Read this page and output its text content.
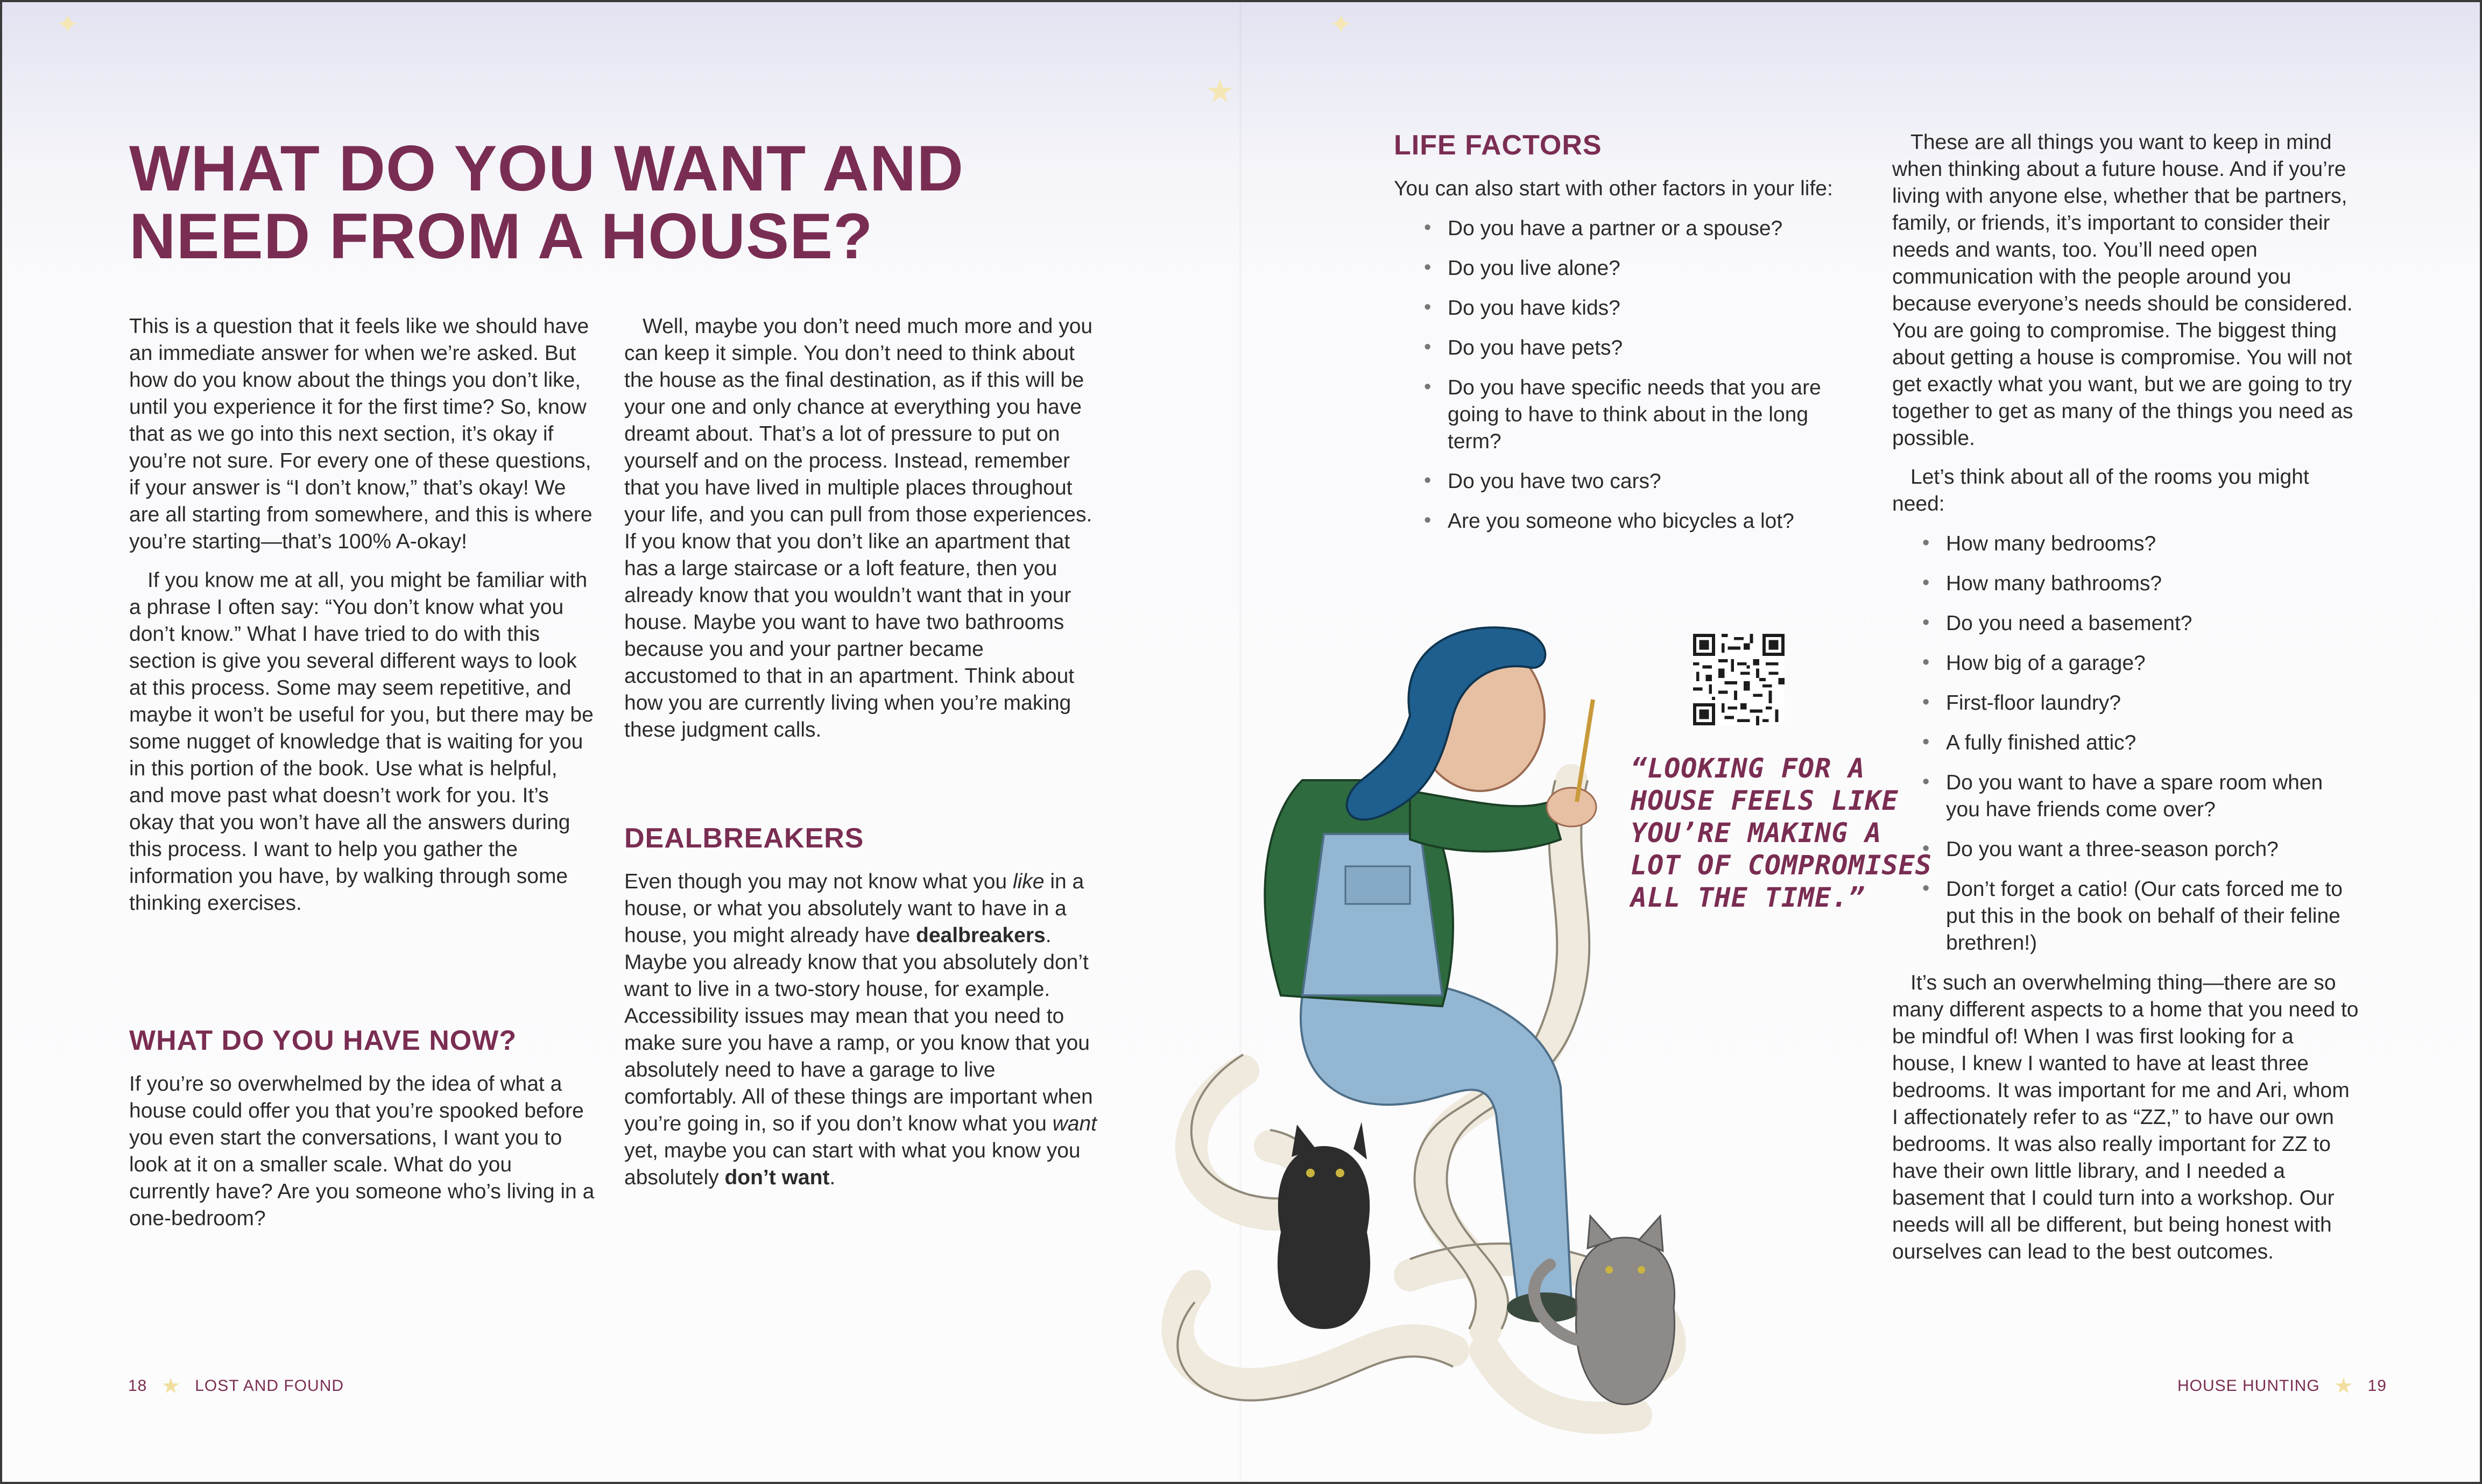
✦	✦
★
WHAT DO YOU WANT AND
NEED FROM A HOUSE?

This is a question that it feels like we should have an immediate answer for when we’re asked. But how do you know about the things you don’t like, until you experience it for the first time? So, know that as we go into this next section, it’s okay if you’re not sure. For every one of these questions, if your answer is “I don’t know,” that’s okay! We are all starting from somewhere, and this is where you’re starting—that’s 100% A-okay!

If you know me at all, you might be familiar with a phrase I often say: “You don’t know what you don’t know.” What I have tried to do with this section is give you several different ways to look at this process. Some may seem repetitive, and maybe it won’t be useful for you, but there may be some nugget of knowledge that is waiting for you in this portion of the book. Use what is helpful, and move past what doesn’t work for you. It’s okay that you won’t have all the answers during this process. I want to help you gather the information you have, by walking through some thinking exercises.

WHAT DO YOU HAVE NOW?

If you’re so overwhelmed by the idea of what a house could offer you that you’re spooked before you even start the conversations, I want you to look at it on a smaller scale. What do you currently have? Are you someone who’s living in a one-bedroom?

Well, maybe you don’t need much more and you can keep it simple. You don’t need to think about the house as the final destination, as if this will be your one and only chance at everything you have dreamt about. That’s a lot of pressure to put on yourself and on the process. Instead, remember that you have lived in multiple places throughout your life, and you can pull from those experiences. If you know that you don’t like an apartment that has a large staircase or a loft feature, then you already know that you wouldn’t want that in your house. Maybe you want to have two bathrooms because you and your partner became accustomed to that in an apartment. Think about how you are currently living when you’re making these judgment calls.

DEALBREAKERS

Even though you may not know what you like in a house, or what you absolutely want to have in a house, you might already have dealbreakers. Maybe you already know that you absolutely don’t want to live in a two-story house, for example. Accessibility issues may mean that you need to make sure you have a ramp, or you know that you absolutely need to have a garage to live comfortably. All of these things are important when you’re going in, so if you don’t know what you want yet, maybe you can start with what you know you absolutely don’t want.

18 ★ LOST AND FOUND
LIFE FACTORS

You can also start with other factors in your life:

• Do you have a partner or a spouse?
• Do you live alone?
• Do you have kids?
• Do you have pets?
• Do you have specific needs that you are going to have to think about in the long term?
• Do you have two cars?
• Are you someone who bicycles a lot?
“LOOKING FOR A HOUSE FEELS LIKE YOU’RE MAKING A LOT OF COMPROMISES ALL THE TIME.”

These are all things you want to keep in mind when thinking about a future house. And if you’re living with anyone else, whether that be partners, family, or friends, it’s important to consider their needs and wants, too. You’ll need open communication with the people around you because everyone’s needs should be considered. You are going to compromise. The biggest thing about getting a house is compromise. You will not get exactly what you want, but we are going to try together to get as many of the things you need as possible.

Let’s think about all of the rooms you might need:

• How many bedrooms?
• How many bathrooms?
• Do you need a basement?
• How big of a garage?
• First-floor laundry?
• A fully finished attic?
• Do you want to have a spare room when you have friends come over?
• Do you want a three-season porch?
• Don’t forget a catio! (Our cats forced me to put this in the book on behalf of their feline brethren!)

It’s such an overwhelming thing—there are so many different aspects to a home that you need to be mindful of! When I was first looking for a house, I knew I wanted to have at least three bedrooms. It was important for me and Ari, whom I affectionately refer to as “ZZ,” to have our own bedrooms. It was also really important for ZZ to have their own little library, and I needed a basement that I could turn into a workshop. Our needs will all be different, but being honest with ourselves can lead to the best outcomes.

HOUSE HUNTING ★ 19
